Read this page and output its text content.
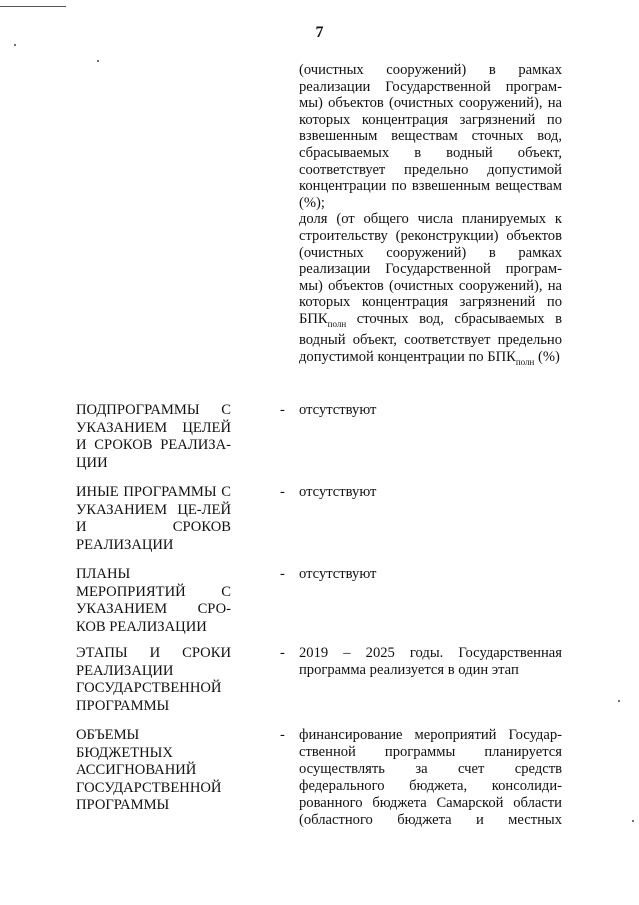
7

(очистных сооружений) в рамках реализации Государственной програм-мы) объектов (очистных сооружений), на которых концентрация загрязнений по взвешенным веществам сточных вод, сбрасываемых в водный объект, соответствует предельно допустимой концентрации по взвешенным веществам (%);

доля (от общего числа планируемых к строительству (реконструкции) объектов (очистных сооружений) в рамках реализации Государственной програм-мы) объектов (очистных сооружений), на которых концентрация загрязнений по $БПК_{полн}$ сточных вод, сбрасываемых в водный объект, соответствует предельно допустимой концентрации по $БПК_{полн}$ (%)

ПОДПРОГРАММЫ С УКАЗАНИЕМ ЦЕЛЕЙ И СРОКОВ РЕАЛИЗА-ЦИИ
- отсутствуют
ИНЫЕ ПРОГРАММЫ С УКАЗАНИЕМ ЦЕ-ЛЕЙ И СРОКОВ РЕАЛИЗАЦИИ
- отсутствуют
ПЛАНЫ МЕРОПРИЯТИЙ С УКАЗАНИЕМ СРО-КОВ РЕАЛИЗАЦИИ
- отсутствуют
ЭТАПЫ И СРОКИ РЕАЛИЗАЦИИ ГОСУДАРСТВЕННОЙ ПРОГРАММЫ
- 2019 – 2025 годы. Государственная программа реализуется в один этап
ОБЪЕМЫ БЮДЖЕТНЫХ АССИГНОВАНИЙ ГОСУДАРСТВЕННОЙ ПРОГРАММЫ
- финансирование мероприятий Государ-ственной программы планируется осуществлять за счет средств федерального бюджета, консолиди-рованного бюджета Самарской области (областного бюджета и местных
